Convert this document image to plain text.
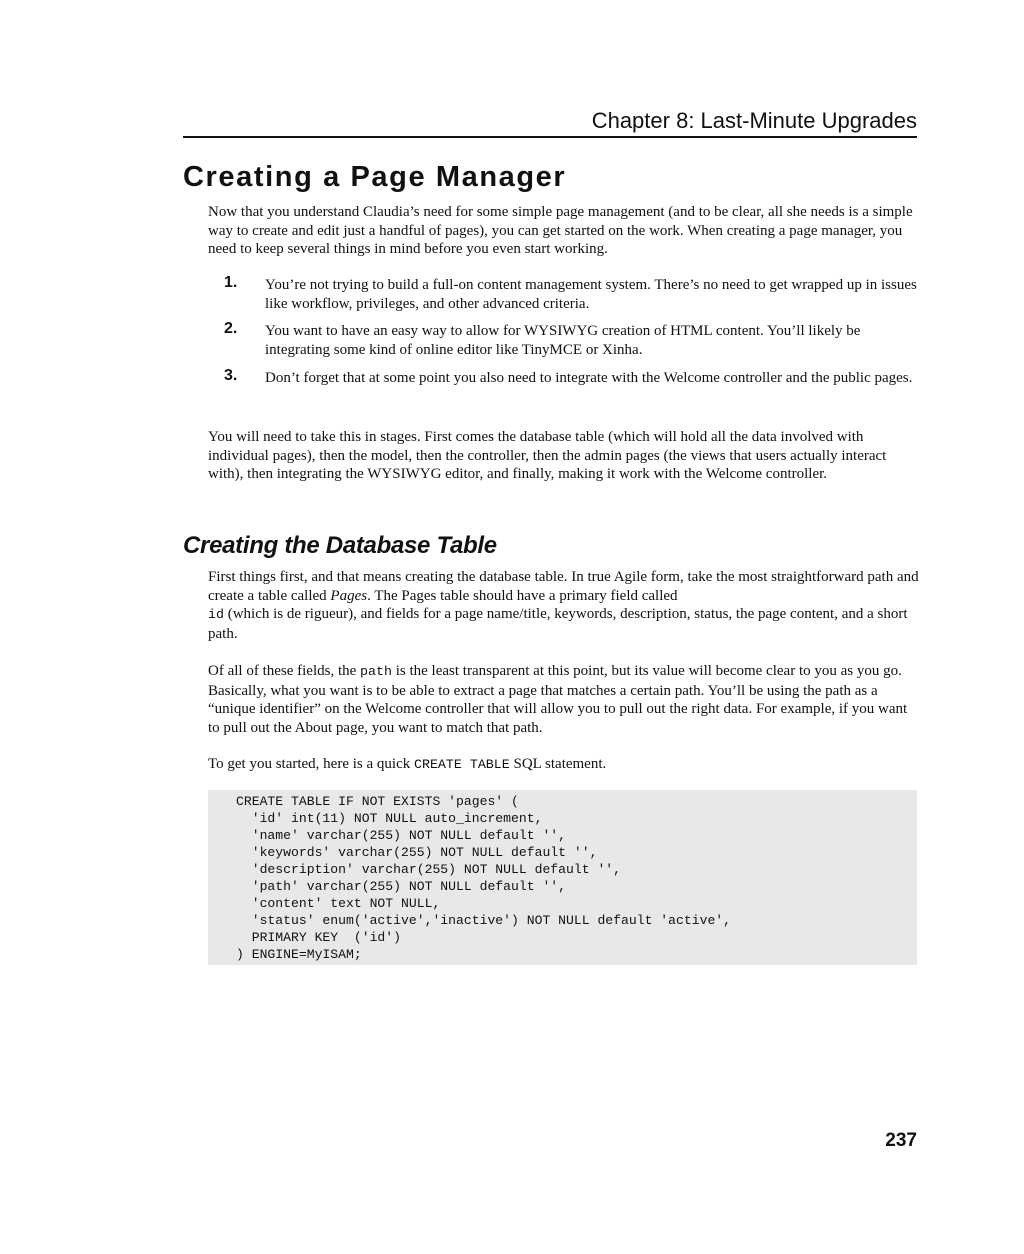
Chapter 8: Last-Minute Upgrades
Creating a Page Manager

Now that you understand Claudia’s need for some simple page management (and to be clear, all she needs is a simple way to create and edit just a handful of pages), you can get started on the work. When creating a page manager, you need to keep several things in mind before you even start working.

1. You’re not trying to build a full-on content management system. There’s no need to get wrapped up in issues like workflow, privileges, and other advanced criteria.
2. You want to have an easy way to allow for WYSIWYG creation of HTML content. You’ll likely be integrating some kind of online editor like TinyMCE or Xinha.
3. Don’t forget that at some point you also need to integrate with the Welcome controller and the public pages.

You will need to take this in stages. First comes the database table (which will hold all the data involved with individual pages), then the model, then the controller, then the admin pages (the views that users actually interact with), then integrating the WYSIWYG editor, and finally, making it work with the Welcome controller.

Creating the Database Table

First things first, and that means creating the database table. In true Agile form, take the most straightforward path and create a table called Pages. The Pages table should have a primary field called
id (which is de rigueur), and fields for a page name/title, keywords, description, status, the page content, and a short path.

Of all of these fields, the path is the least transparent at this point, but its value will become clear to you as you go. Basically, what you want is to be able to extract a page that matches a certain path. You’ll be using the path as a “unique identifier” on the Welcome controller that will allow you to pull out the right data. For example, if you want to pull out the About page, you want to match that path.

To get you started, here is a quick CREATE TABLE SQL statement.

CREATE TABLE IF NOT EXISTS 'pages' (
'id' int(11) NOT NULL auto_increment,
'name' varchar(255) NOT NULL default '',
'keywords' varchar(255) NOT NULL default '',
'description' varchar(255) NOT NULL default '',
'path' varchar(255) NOT NULL default '',
'content' text NOT NULL,
'status' enum('active','inactive') NOT NULL default 'active',
PRIMARY KEY  ('id')
) ENGINE=MyISAM;
237
